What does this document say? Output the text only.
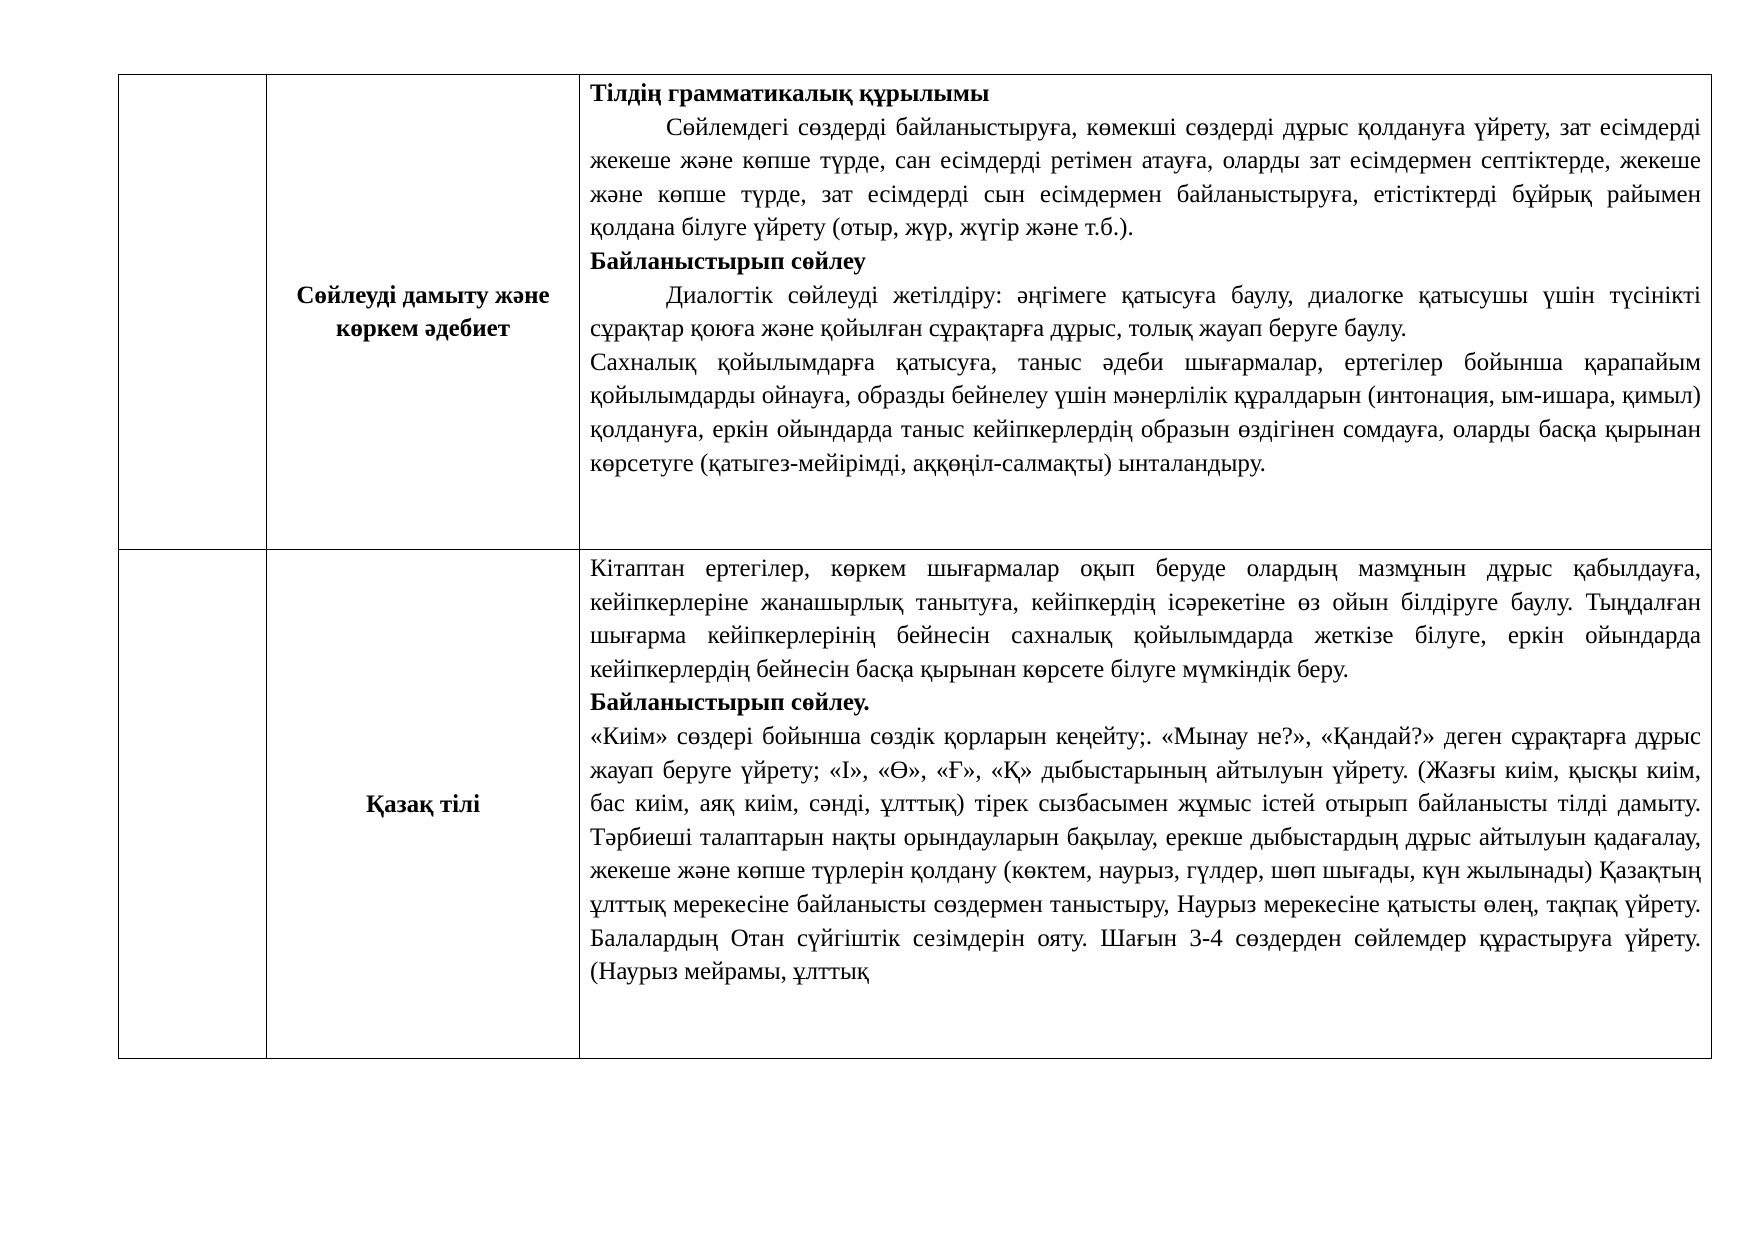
	Сөйлеуді дамыту және көркем әдебиет	Тілдің грамматикалық құрылымы

Сөйлемдегі сөздерді байланыстыруға, көмекші сөздерді дұрыс қолдануға үйрету, зат есімдерді жекеше және көпше түрде, сан есімдерді ретімен атауға, оларды зат есімдермен септіктерде, жекеше және көпше түрде, зат есімдерді сын есімдермен байланыстыруға, етістіктерді бұйрық райымен қолдана білуге үйрету (отыр, жүр, жүгір және т.б.).

Байланыстырып сөйлеу

Диалогтік сөйлеуді жетілдіру: әңгімеге қатысуға баулу, диалогке қатысушы үшін түсінікті сұрақтар қоюға және қойылған сұрақтарға дұрыс, толық жауап беруге баулу.

Сахналық қойылымдарға қатысуға, таныс әдеби шығармалар, ертегілер бойынша қарапайым қойылымдарды ойнауға, образды бейнелеу үшін мәнерлілік құралдарын (интонация, ым-ишара, қимыл) қолдануға, еркін ойындарда таныс кейіпкерлердің образын өздігінен сомдауға, оларды басқа қырынан көрсетуге (қатыгез-мейірімді, аққөңіл-салмақты) ынталандыру.

	Қазақ тілі	Кітаптан ертегілер, көркем шығармалар оқып беруде олардың мазмұнын дұрыс қабылдауға, кейіпкерлеріне жанашырлық танытуға, кейіпкердің ісәрекетіне өз ойын білдіруге баулу. Тыңдалған шығарма кейіпкерлерінің бейнесін сахналық қойылымдарда жеткізе білуге, еркін ойындарда кейіпкерлердің бейнесін басқа қырынан көрсете білуге мүмкіндік беру.

Байланыстырып сөйлеу.

«Киім» сөздері бойынша сөздік қорларын кеңейту;. «Мынау не?», «Қандай?» деген сұрақтарға дұрыс жауап беруге үйрету; «І», «Ө», «Ғ», «Қ» дыбыстарының айтылуын үйрету. (Жазғы киім, қысқы киім, бас киім, аяқ киім, сәнді, ұлттық) тірек сызбасымен жұмыс істей отырып байланысты тілді дамыту. Тәрбиеші талаптарын нақты орындауларын бақылау, ерекше дыбыстардың дұрыс айтылуын қадағалау, жекеше және көпше түрлерін қолдану (көктем, наурыз, гүлдер, шөп шығады, күн жылынады) Қазақтың ұлттық мерекесіне байланысты сөздермен таныстыру, Наурыз мерекесіне қатысты өлең, тақпақ үйрету. Балалардың Отан сүйгіштік сезімдерін ояту. Шағын 3-4 сөздерден сөйлемдер құрастыруға үйрету. (Наурыз мейрамы, ұлттық
